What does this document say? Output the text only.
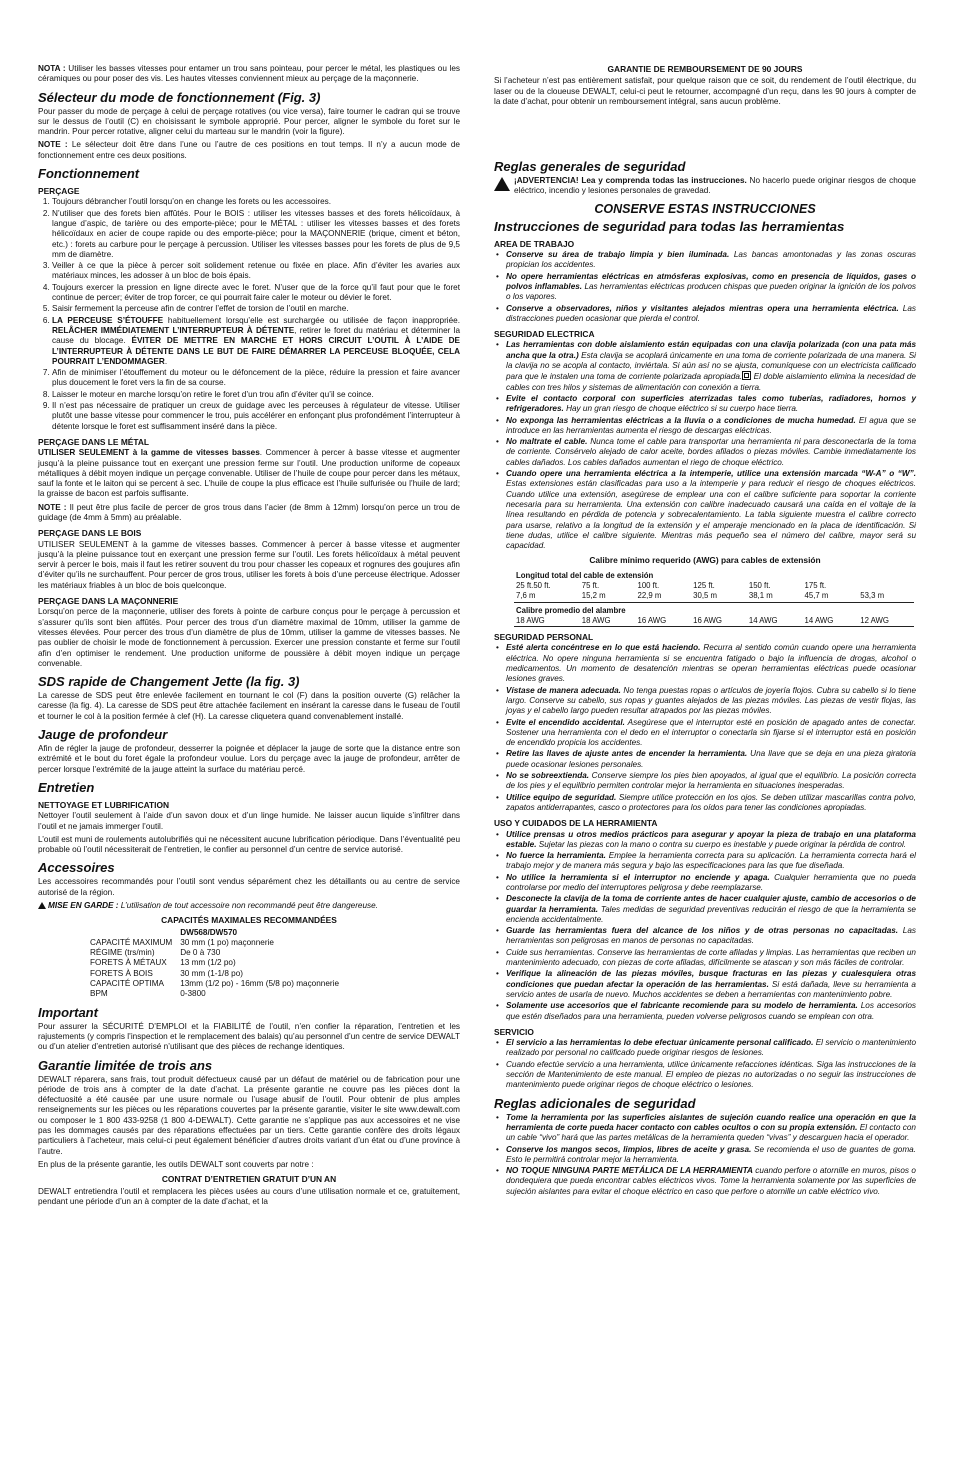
NOTA : Utiliser les basses vitesses pour entamer un trou sans pointeau, pour percer le métal, les plastiques ou les céramiques ou pour poser des vis. Les hautes vitesses conviennent mieux au perçage de la maçonnerie.

Sélecteur du mode de fonctionnement (Fig. 3)

Pour passer du mode de perçage à celui de perçage rotatives (ou vice versa), faire tourner le cadran qui se trouve sur le dessus de l’outil (C) en choisissant le symbole approprié. Pour percer, aligner le symbole du foret sur le mandrin. Pour percer rotative, aligner celui du marteau sur le mandrin (voir la figure).

NOTE : Le sélecteur doit être dans l’une ou l’autre de ces positions en tout temps. Il n’y a aucun mode de fonctionnement entre ces deux positions.

Fonctionnement
PERÇAGE
1. Toujours débrancher l’outil lorsqu’on en change les forets ou les accessoires.
2. N’utiliser que des forets bien affûtés. Pour le BOIS : utiliser les vitesses basses et des forets hélicoïdaux, à langue d’aspic, de tarière ou des emporte-pièce; pour le MÉTAL : utiliser les vitesses basses et des forets hélicoïdaux en acier de coupe rapide ou des emporte-pièce; pour la MAÇONNERIE (brique, ciment et béton, etc.) : forets au carbure pour le perçage à percussion. Utiliser les vitesses basses pour les forets de plus de 9,5 mm de diamètre.
3. Veiller à ce que la pièce à percer soit solidement retenue ou fixée en place. Afin d’éviter les avaries aux matériaux minces, les adosser à un bloc de bois épais.
4. Toujours exercer la pression en ligne directe avec le foret. N’user que de la force qu’il faut pour que le foret continue de percer; éviter de trop forcer, ce qui pourrait faire caler le moteur ou dévier le foret.
5. Saisir fermement la perceuse afin de contrer l’effet de torsion de l’outil en marche.
6. LA PERCEUSE S’ÉTOUFFE habituellement lorsqu’elle est surchargée ou utilisée de façon inappropriée. RELÂCHER IMMÉDIATEMENT L’INTERRUPTEUR À DÉTENTE, retirer le foret du matériau et déterminer la cause du blocage. ÉVITER DE METTRE EN MARCHE ET HORS CIRCUIT L’OUTIL À L’AIDE DE L’INTERRUPTEUR À DÉTENTE DANS LE BUT DE FAIRE DÉMARRER LA PERCEUSE BLOQUÉE, CELA POURRAIT L’ENDOMMAGER.
7. Afin de minimiser l’étouffement du moteur ou le défoncement de la pièce, réduire la pression et faire avancer plus doucement le foret vers la fin de sa course.
8. Laisser le moteur en marche lorsqu’on retire le foret d’un trou afin d’éviter qu’il se coince.
9. Il n’est pas nécessaire de pratiquer un creux de guidage avec les perceuses à régulateur de vitesse. Utiliser plutôt une basse vitesse pour commencer le trou, puis accélérer en enfonçant plus profondément l’interrupteur à détente lorsque le foret est suffisamment inséré dans la pièce.
PERÇAGE DANS LE MÉTAL

UTILISER SEULEMENT à la gamme de vitesses basses. Commencer à percer à basse vitesse et augmenter jusqu’à la pleine puissance tout en exerçant une pression ferme sur l’outil. Une production uniforme de copeaux métalliques à débit moyen indique un perçage convenable. Utiliser de l’huile de coupe pour percer dans les métaux, sauf la fonte et le laiton qui se percent à sec. L’huile de coupe la plus efficace est l’huile sulfurisée ou l’huile de lard; la graisse de bacon est parfois suffisante.

NOTE : Il peut être plus facile de percer de gros trous dans l’acier (de 8mm à 12mm) lorsqu’on perce un trou de guidage (de 4mm à 5mm) au préalable.

PERÇAGE DANS LE BOIS

UTILISER SEULEMENT à la gamme de vitesses basses. Commencer à percer à basse vitesse et augmenter jusqu’à la pleine puissance tout en exerçant une pression ferme sur l’outil. Les forets hélicoïdaux à métal peuvent servir à percer le bois, mais il faut les retirer souvent du trou pour chasser les copeaux et rognures des goujures afin d’éviter qu’ils ne surchauffent. Pour percer de gros trous, utiliser les forets à bois d’une perceuse électrique. Adosser les matériaux friables à un bloc de bois quelconque.

PERÇAGE DANS LA MAÇONNERIE

Lorsqu’on perce de la maçonnerie, utiliser des forets à pointe de carbure conçus pour le perçage à percussion et s’assurer qu’ils sont bien affûtés. Pour percer des trous d’un diamètre maximal de 10mm, utiliser la gamme de vitesses élevées. Pour percer des trous d’un diamètre de plus de 10mm, utiliser la gamme de vitesses basses. Ne pas oublier de choisir le mode de fonctionnement à percussion. Exercer une pression constante et ferme sur l’outil afin d’en optimiser le rendement. Une production uniforme de poussière à débit moyen indique un perçage convenable.

SDS rapide de Changement Jette (la fig. 3)

La caresse de SDS peut être enlevée facilement en tournant le col (F) dans la position ouverte (G) relâcher la caresse (la fig. 4). La caresse de SDS peut être attachée facilement en insérant la caresse dans le fuseau de l’outil et tourner le col à la position fermée à clef (H). La caresse cliquetera quand convenablement installé.

Jauge de profondeur

Afin de régler la jauge de profondeur, desserrer la poignée et déplacer la jauge de sorte que la distance entre son extrémité et le bout du foret égale la profondeur voulue. Lors du perçage avec la jauge de profondeur, arrêter de percer lorsque l’extrémité de la jauge atteint la surface du matériau percé.

Entretien
NETTOYAGE ET LUBRIFICATION

Nettoyer l’outil seulement à l’aide d’un savon doux et d’un linge humide. Ne laisser aucun liquide s’infiltrer dans l’outil et ne jamais immerger l’outil.

L’outil est muni de roulements autolubrifiés qui ne nécessitent aucune lubrification périodique. Dans l’éventualité peu probable où l’outil nécessiterait de l’entretien, le confier au personnel d’un centre de service autorisé.

Accessoires

Les accessoires recommandés pour l’outil sont vendus séparément chez les détaillants ou au centre de service autorisé de la région.

MISE EN GARDE : L’utilisation de tout accessoire non recommandé peut être dangereuse.

CAPACITÉS MAXIMALES RECOMMANDÉES
	DW568/DW570
CAPACITÉ MAXIMUM	30 mm (1 po) maçonnerie
RÉGIME (trs/min)	De 0 à 730
FORETS À MÉTAUX	13 mm (1/2 po)
FORETS À BOIS	30 mm (1-1/8 po)
CAPACITÉ OPTIMA	13mm (1/2 po) - 16mm (5/8 po) maçonnerie
BPM	0-3800
Important

Pour assurer la SÉCURITÉ D’EMPLOI et la FIABILITÉ de l’outil, n’en confier la réparation, l’entretien et les rajustements (y compris l’inspection et le remplacement des balais) qu’au personnel d’un centre de service DEWALT ou d’un atelier d’entretien autorisé n’utilisant que des pièces de rechange identiques.

Garantie limitée de trois ans

DEWALT réparera, sans frais, tout produit défectueux causé par un défaut de matériel ou de fabrication pour une période de trois ans à compter de la date d’achat. La présente garantie ne couvre pas les pièces dont la défectuosité a été causée par une usure normale ou l’usage abusif de l’outil. Pour obtenir de plus amples renseignements sur les pièces ou les réparations couvertes par la présente garantie, visiter le site www.dewalt.com ou composer le 1 800 433-9258 (1 800 4-DEWALT). Cette garantie ne s’applique pas aux accessoires et ne vise pas les dommages causés par des réparations effectuées par un tiers. Cette garantie confère des droits légaux particuliers à l’acheteur, mais celui-ci peut également bénéficier d’autres droits variant d’un état ou d’une province à l’autre.

En plus de la présente garantie, les outils DEWALT sont couverts par notre :

CONTRAT D’ENTRETIEN GRATUIT D’UN AN

DEWALT entretiendra l’outil et remplacera les pièces usées au cours d’une utilisation normale et ce, gratuitement, pendant une période d’un an à compter de la date d’achat, et la

GARANTIE DE REMBOURSEMENT DE 90 JOURS

Si l’acheteur n’est pas entièrement satisfait, pour quelque raison que ce soit, du rendement de l’outil électrique, du laser ou de la cloueuse DEWALT, celui-ci peut le retourner, accompagné d’un reçu, dans les 90 jours à compter de la date d’achat, pour obtenir un remboursement intégral, sans aucun problème.

Reglas generales de seguridad

¡ADVERTENCIA! Lea y comprenda todas las instrucciones. No hacerlo puede originar riesgos de choque eléctrico, incendio y lesiones personales de gravedad.

CONSERVE ESTAS INSTRUCCIONES
Instrucciones de seguridad para todas las herramientas
AREA DE TRABAJO
• Conserve su área de trabajo limpia y bien iluminada. Las bancas amontonadas y las zonas oscuras propician los accidentes.
• No opere herramientas eléctricas en atmósferas explosivas, como en presencia de líquidos, gases o polvos inflamables. Las herramientas eléctricas producen chispas que pueden originar la ignición de los polvos o los vapores.
• Conserve a observadores, niños y visitantes alejados mientras opera una herramienta eléctrica. Las distracciones pueden ocasionar que pierda el control.
SEGURIDAD ELECTRICA
• Las herramientas con doble aislamiento están equipadas con una clavija polarizada (con una pata más ancha que la otra.) Esta clavija se acoplará únicamente en una toma de corriente polarizada de una manera. Si la clavija no se acopla al contacto, inviértala. Si aún así no se ajusta, comuníquese con un electricista calificado para que le instalen una toma de corriente polarizada apropiada. El doble aislamiento elimina la necesidad de cables con tres hilos y sistemas de alimentación con conexión a tierra.
• Evite el contacto corporal con superficies aterrizadas tales como tuberías, radiadores, hornos y refrigeradores. Hay un gran riesgo de choque eléctrico si su cuerpo hace tierra.
• No exponga las herramientas eléctricas a la lluvia o a condiciones de mucha humedad. El agua que se introduce en las herramientas aumenta el riesgo de descargas eléctricas.
• No maltrate el cable. Nunca tome el cable para transportar una herramienta ni para desconectarla de la toma de corriente. Consérvelo alejado de calor aceite, bordes afilados o piezas móviles. Cambie inmediatamente los cables dañados. Los cables dañados aumentan el riego de choque eléctrico.
• Cuando opere una herramienta eléctrica a la intemperie, utilice una extensión marcada “W-A” o “W”. Estas extensiones están clasificadas para uso a la intemperie y para reducir el riesgo de choques eléctricos. Cuando utilice una extensión, asegúrese de emplear una con el calibre suficiente para soportar la corriente necesaria para su herramienta. Una extensión con calibre inadecuado causará una caída en el voltaje de la línea resultando en pérdida de potencia y sobrecalentamiento. La tabla siguiente muestra el calibre correcto para usarse, relativo a la longitud de la extensión y el amperaje mencionado en la placa de identificación. Si tiene dudas, utilice el calibre siguiente. Mientras más pequeño sea el número del calibre, mayor será su capacidad.
Calibre mínimo requerido (AWG) para cables de extensión
Longitud total del cable de extensión						
25 ft.50 ft.	75 ft.	100 ft.	125 ft.	150 ft.	175 ft.	
7,6 m	15,2 m	22,9 m	30,5 m	38,1 m	45,7 m	53,3 m
Calibre promedio del alambre						
18 AWG	18 AWG	16 AWG	16 AWG	14 AWG	14 AWG	12 AWG
SEGURIDAD PERSONAL
• Esté alerta concéntrese en lo que está haciendo. Recurra al sentido común cuando opere una herramienta eléctrica. No opere ninguna herramienta si se encuentra fatigado o bajo la influencia de drogas, alcohol o medicamentos. Un momento de desatención mientras se operan herramientas eléctricas puede ocasionar lesiones graves.
• Vístase de manera adecuada. No tenga puestas ropas o artículos de joyería flojos. Cubra su cabello si lo tiene largo. Conserve su cabello, sus ropas y guantes alejados de las piezas móviles. Las piezas de vestir flojas, las joyas y el cabello largo pueden resultar atrapados por las piezas móviles.
• Evite el encendido accidental. Asegúrese que el interruptor esté en posición de apagado antes de conectar. Sostener una herramienta con el dedo en el interruptor o conectarla sin fijarse si el interruptor está en posición de encendido propicia los accidentes.
• Retire las llaves de ajuste antes de encender la herramienta. Una llave que se deja en una pieza giratoria puede ocasionar lesiones personales.
• No se sobreextienda. Conserve siempre los pies bien apoyados, al igual que el equilibrio. La posición correcta de los pies y el equilibrio permiten controlar mejor la herramienta en situaciones inesperadas.
• Utilice equipo de seguridad. Siempre utilice protección en los ojos. Se deben utilizar mascarillas contra polvo, zapatos antiderrapantes, casco o protectores para los oídos para tener las condiciones apropiadas.
USO Y CUIDADOS DE LA HERRAMIENTA
• Utilice prensas u otros medios prácticos para asegurar y apoyar la pieza de trabajo en una plataforma estable. Sujetar las piezas con la mano o contra su cuerpo es inestable y puede originar la pérdida de control.
• No fuerce la herramienta. Emplee la herramienta correcta para su aplicación. La herramienta correcta hará el trabajo mejor y de manera más segura y bajo las especificaciones para las que fue diseñada.
• No utilice la herramienta si el interruptor no enciende y apaga. Cualquier herramienta que no pueda controlarse por medio del interruptores peligrosa y debe reemplazarse.
• Desconecte la clavija de la toma de corriente antes de hacer cualquier ajuste, cambio de accesorios o de guardar la herramienta. Tales medidas de seguridad preventivas reducirán el riesgo de que la herramienta se encienda accidentalmente.
• Guarde las herramientas fuera del alcance de los niños y de otras personas no capacitadas. Las herramientas son peligrosas en manos de personas no capacitadas.
• Cuide sus herramientas. Conserve las herramientas de corte afiladas y limpias. Las herramientas que reciben un mantenimiento adecuado, con piezas de corte afiladas, difícilmente se atascan y son más fáciles de controlar.
• Verifique la alineación de las piezas móviles, busque fracturas en las piezas y cualesquiera otras condiciones que puedan afectar la operación de las herramientas. Si está dañada, lleve su herramienta a servicio antes de usarla de nuevo. Muchos accidentes se deben a herramientas con mantenimiento pobre.
• Solamente use accesorios que el fabricante recomiende para su modelo de herramienta. Los accesorios que estén diseñados para una herramienta, pueden volverse peligrosos cuando se emplean con otra.
SERVICIO
• El servicio a las herramientas lo debe efectuar únicamente personal calificado. El servicio o mantenimiento realizado por personal no calificado puede originar riesgos de lesiones.
• Cuando efectúe servicio a una herramienta, utilice únicamente refacciones idénticas. Siga las instrucciones de la sección de Mantenimiento de este manual. El empleo de piezas no autorizadas o no seguir las instrucciones de mantenimiento puede originar riegos de choque eléctrico o lesiones.
Reglas adicionales de seguridad
• Tome la herramienta por las superficies aislantes de sujeción cuando realice una operación en que la herramienta de corte pueda hacer contacto con cables ocultos o con su propia extensión. El contacto con un cable “vivo” hará que las partes metálicas de la herramienta queden “vivas” y descarguen hacia el operador.
• Conserve los mangos secos, limpios, libres de aceite y grasa. Se recomienda el uso de guantes de goma. Esto le permitirá controlar mejor la herramienta.
• NO TOQUE NINGUNA PARTE METÁLICA DE LA HERRAMIENTA cuando perfore o atornille en muros, pisos o dondequiera que pueda encontrar cables eléctricos vivos. Tome la herramienta solamente por las superficies de sujeción aislantes para evitar el choque eléctrico en caso que perfore o atornille un cable eléctrico vivo.
